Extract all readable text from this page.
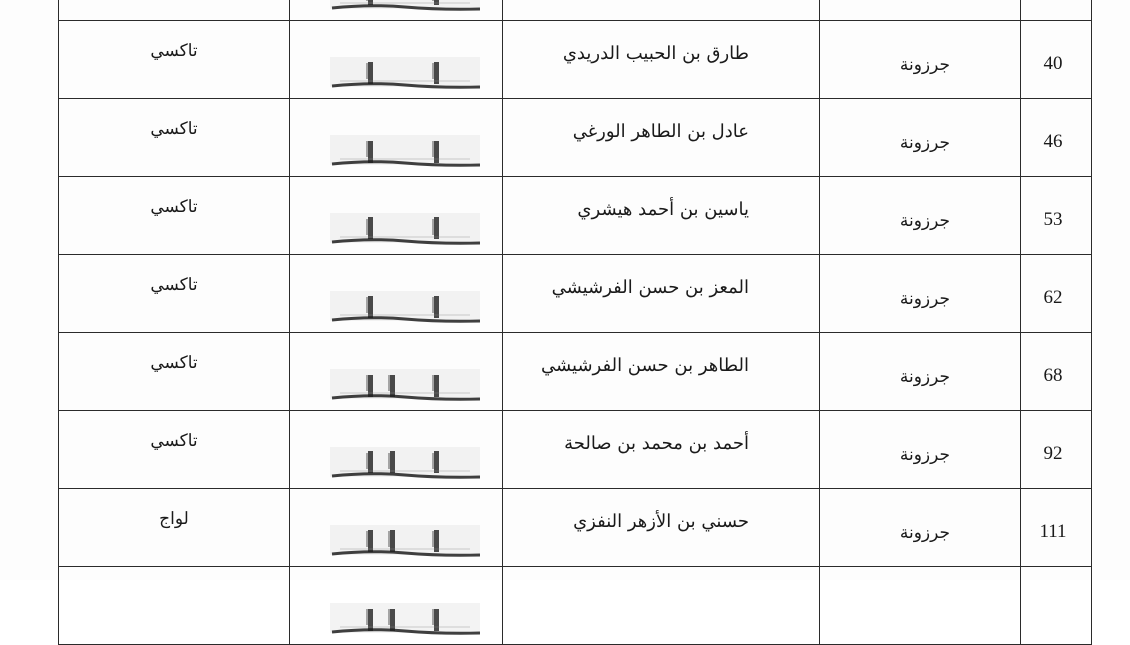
تاكسي		طارق بن الحبيب الدريدي	جرزونة	40

تاكسي		عادل بن الطاهر الورغي	جرزونة	46

تاكسي		ياسين بن أحمد هيشري	جرزونة	53

تاكسي		المعز بن حسن الفرشيشي	جرزونة	62

تاكسي		الطاهر بن حسن الفرشيشي	جرزونة	68

تاكسي		أحمد بن محمد بن صالحة	جرزونة	92

لواج		حسني بن الأزهر النفزي	جرزونة	111
